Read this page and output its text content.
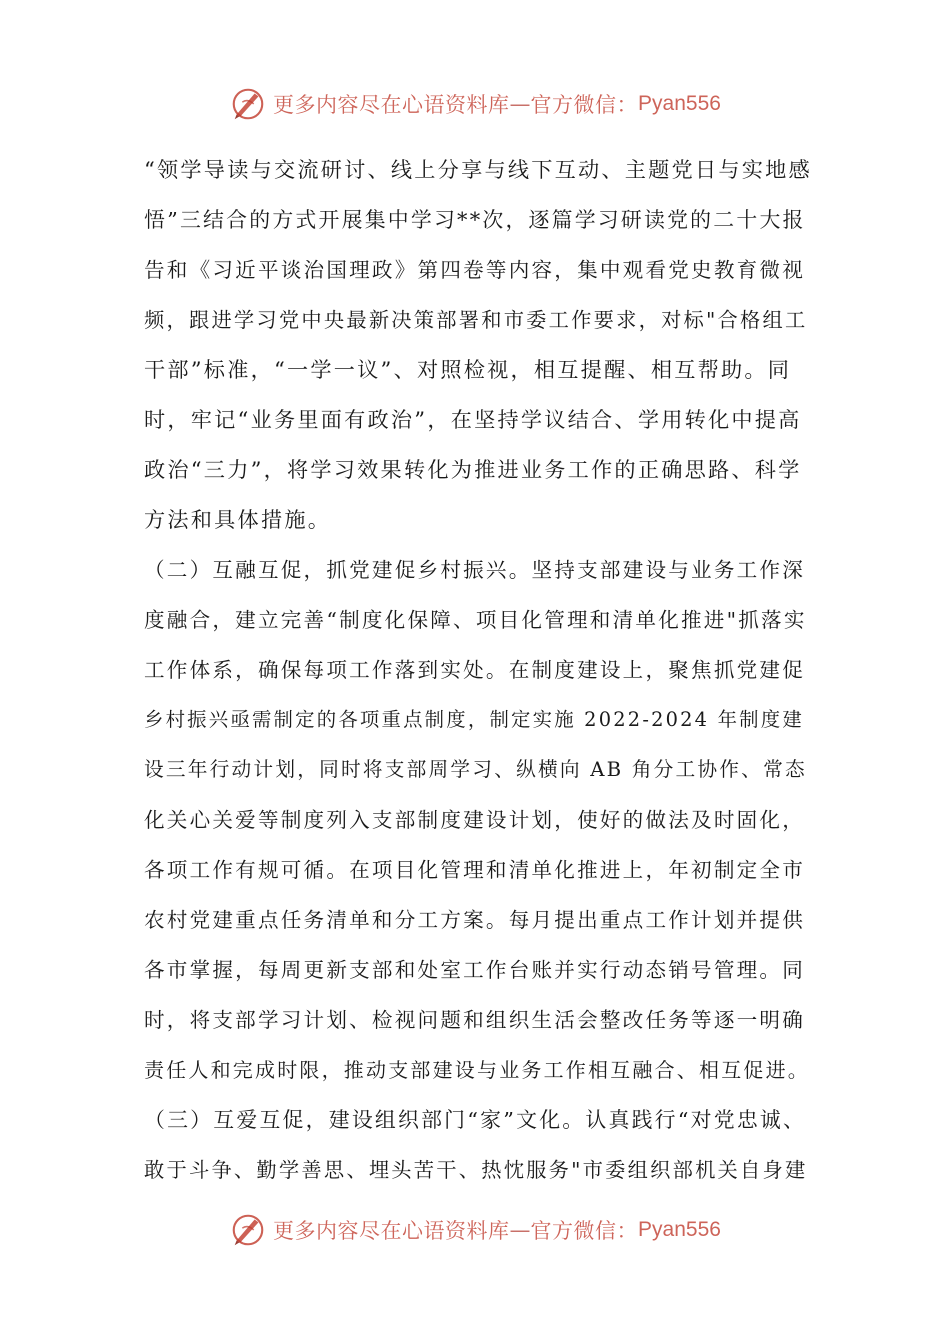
更多内容尽在心语资料库 — 官方微信： Pyan556
“领学导读与交流研讨、线上分享与线下互动、主题党日与实地感
悟”三结合的方式开展集中学习**次，逐篇学习研读党的二十大报
告和《习近平谈治国理政》第四卷等内容，集中观看党史教育微视
频，跟进学习党中央最新决策部署和市委工作要求，对标"合格组工
干部”标准，“一学一议”、对照检视，相互提醒、相互帮助。同
时，牢记“业务里面有政治”，在坚持学议结合、学用转化中提高
政治“三力”，将学习效果转化为推进业务工作的正确思路、科学
方法和具体措施。
（二）互融互促，抓党建促乡村振兴。坚持支部建设与业务工作深
度融合，建立完善“制度化保障、项目化管理和清单化推进"抓落实
工作体系，确保每项工作落到实处。在制度建设上，聚焦抓党建促
乡村振兴亟需制定的各项重点制度，制定实施 2022-2024 年制度建
设三年行动计划，同时将支部周学习、纵横向 AB 角分工协作、常态
化关心关爱等制度列入支部制度建设计划，使好的做法及时固化，
各项工作有规可循。在项目化管理和清单化推进上，年初制定全市
农村党建重点任务清单和分工方案。每月提出重点工作计划并提供
各市掌握，每周更新支部和处室工作台账并实行动态销号管理。同
时，将支部学习计划、检视问题和组织生活会整改任务等逐一明确
责任人和完成时限，推动支部建设与业务工作相互融合、相互促进。
（三）互爱互促，建设组织部门“家”文化。认真践行“对党忠诚、
敢于斗争、勤学善思、埋头苦干、热忱服务"市委组织部机关自身建
更多内容尽在心语资料库 — 官方微信： Pyan556
